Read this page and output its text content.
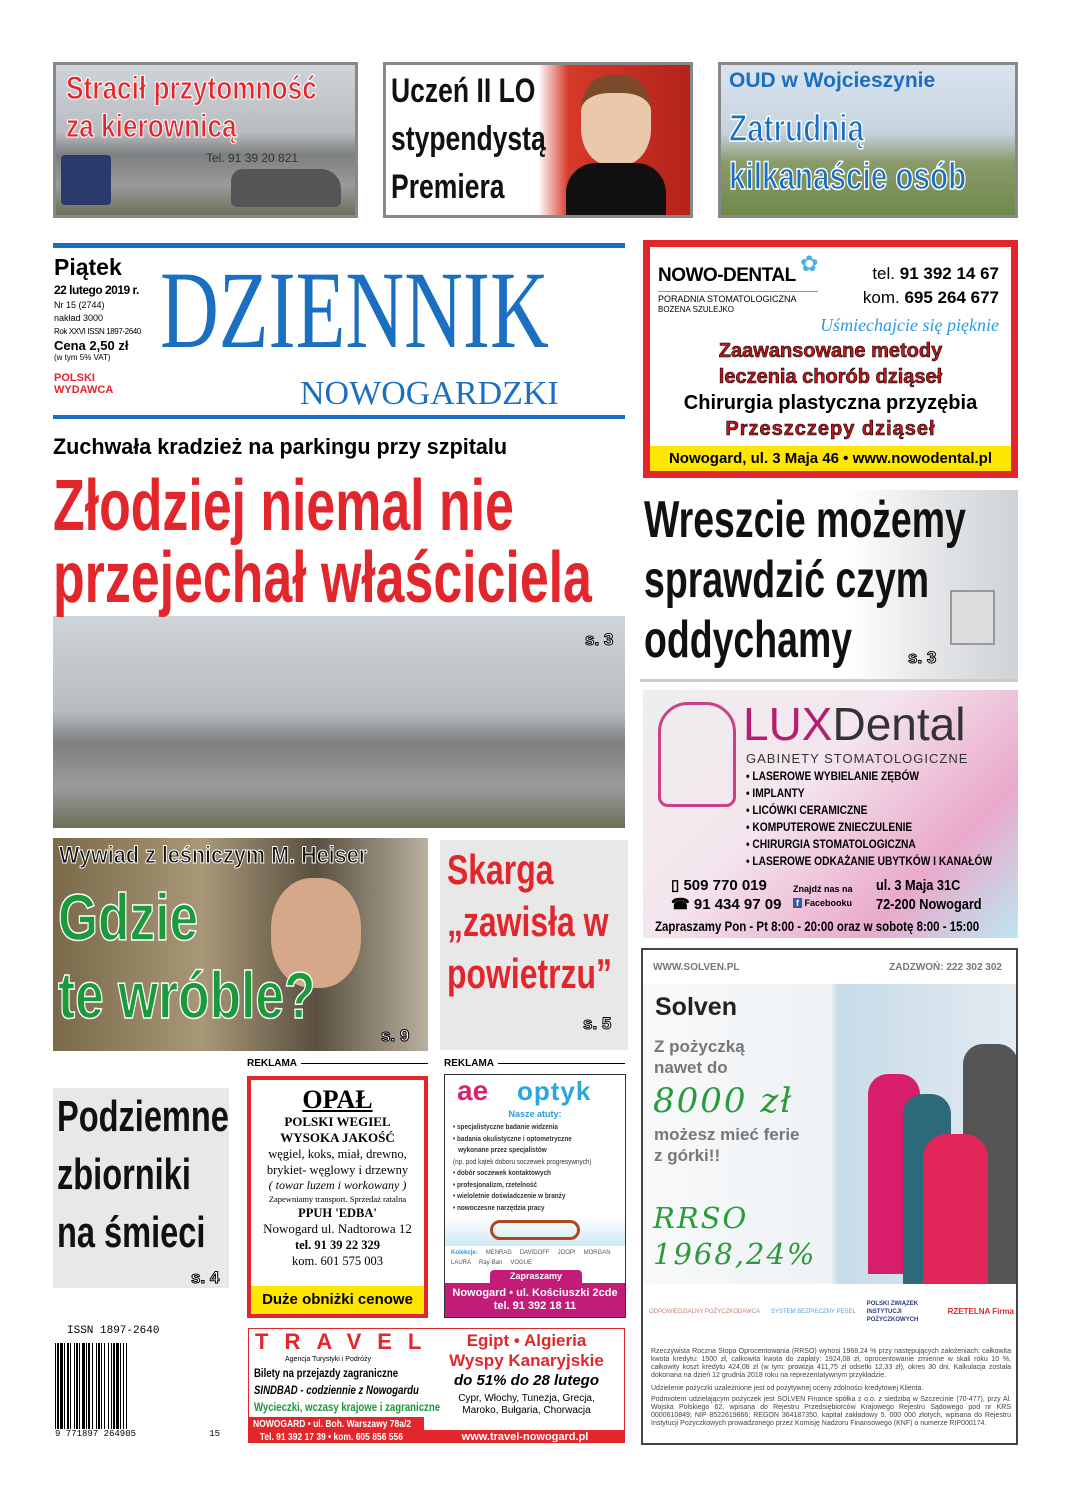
Stracił przytomność
za kierownicą
Tel. 91 39 20 821
Uczeń II LO
stypendystą
Premiera
OUD w Wojcieszynie
Zatrudnią
kilkanaście osób
Piątek
22 lutego 2019 r.
Nr 15 (2744)
nakład 3000
Rok XXVI ISSN 1897-2640
Cena 2,50 zł
(w tym 5% VAT)
POLSKI
WYDAWCA
DZIENNIK
NOWOGARDZKI
Zuchwała kradzież na parkingu przy szpitalu
Złodziej niemal nie
przejechał właściciela
s. 3
NOWO-DENTAL ✿
PORADNIA STOMATOLOGICZNA
BOŻENA SZULEJKO
tel. 91 392 14 67
kom. 695 264 677
Uśmiechajcie się pięknie
Zaawansowane metody
leczenia chorób dziąseł
Chirurgia plastyczna przyzębia
Przeszczepy dziąseł
Nowogard, ul. 3 Maja 46 • www.nowodental.pl
Wreszcie możemy
sprawdzić czym
oddychamy	s. 3
LUXDental
GABINETY STOMATOLOGICZNE
• LASEROWE WYBIELANIE ZĘBÓW
• IMPLANTY
• LICÓWKI CERAMICZNE
• KOMPUTEROWE ZNIECZULENIE
• CHIRURGIA STOMATOLOGICZNA
• LASEROWE ODKAŻANIE UBYTKÓW I KANAŁÓW
▯ 509 770 019
☎ 91 434 97 09
Znajdź nas na
f Facebooku
ul. 3 Maja 31C
72-200 Nowogard
Zapraszamy Pon - Pt 8:00 - 20:00 oraz w sobotę 8:00 - 15:00
Wywiad z leśniczym M. Heiser
Gdzie
te wróble?
s. 9
Skarga
„zawisła w
powietrzu”
s. 5
Podziemne
zbiorniki
na śmieci
s. 4
REKLAMA	REKLAMA
OPAŁ
POLSKI WEGIEL
WYSOKA JAKOŚĆ
węgiel, koks, miał, drewno,
brykiet- węglowy i drzewny
( towar luzem i workowany )
Zapewniamy transport. Sprzedaż ratalna
PPUH 'EDBA'
Nowogard ul. Nadtorowa 12
tel. 91 39 22 329
kom. 601 575 003
Duże obniżki cenowe
ae optyk
Nasze atuty:
• specjalistyczne badanie widzenia
• badania okulistyczne i optometryczne
wykonane przez specjalistów
(np. pod kątek doboru soczewek progresywnych)
• dobór soczewek kontaktowych
• profesjonalizm, rzetelność
• wieloletnie doświadczenie w branży
• nowoczesne narzędzia pracy
Kolekcje: MENRAD DAVIDOFF JOOP! MORGAN
LAURA Ray-Ban VOGUE
Zapraszamy
Nowogard • ul. Kościuszki 2cde
tel. 91 392 18 11
TRAVEL
Agencja Turystyki i Podróży
Bilety na przejazdy zagraniczne
SINDBAD - codziennie z Nowogardu
Wycieczki, wczasy krajowe i zagraniczne
NOWOGARD • ul. Boh. Warszawy 78a/2
Tel. 91 392 17 39 • kom. 605 856 556	www.travel-nowogard.pl
Egipt • Algieria
Wyspy Kanaryjskie
do 51% do 28 lutego
Cypr, Włochy, Tunezja, Grecja,
Maroko, Bułgaria, Chorwacja
ISSN 1897-2640
9 771897 264905	15
WWW.SOLVEN.PL	ZADZWOŃ: 222 302 302
Solven
Z pożyczką
nawet do
8000 zł
możesz mieć ferie
z górki!!
RRSO
1968,24%
ODPOWIEDZIALNY POŻYCZKODAWCA SYSTEM BEZPIECZNY PESEL
POLSKI ZWIĄZEK INSTYTUCJI POŻYCZKOWYCH
RZETELNA Firma

Rzeczywista Roczna Stopa Oprocentowania (RRSO) wynosi 1968,24 % przy następujących założeniach: całkowita kwota kredytu: 1500 zł, całkowita kwota do zapłaty: 1924,08 zł, oprocentowanie zmienne w skali roku 10 %, całkowity koszt kredytu 424,08 zł (w tym: prowizja 411,75 zł odsetki 12,33 zł), okres 30 dni. Kalkulacja została dokonana na dzień 12 grudnia 2018 roku na reprezentatywnym przykładzie.

Udzielenie pożyczki uzależnione jest od pozytywnej oceny zdolności kredytowej Klienta.

Podmiotem udzielającym pożyczek jest SOLVEN Finance spółka z o.o. z siedzibą w Szczecinie (70-477), przy Al. Wojska Polskiego 62, wpisana do Rejestru Przedsiębiorców Krajowego Rejestru Sądowego pod nr KRS 0000610849; NIP 8522619866; REGON 364187350, kapitał zakładowy 5. 000 000 złotych, wpisana do Rejestru Instytucji Pożyczkowych prowadzonego przez Komisję Nadzoru Finansowego (KNF) o numerze RIP000174.
